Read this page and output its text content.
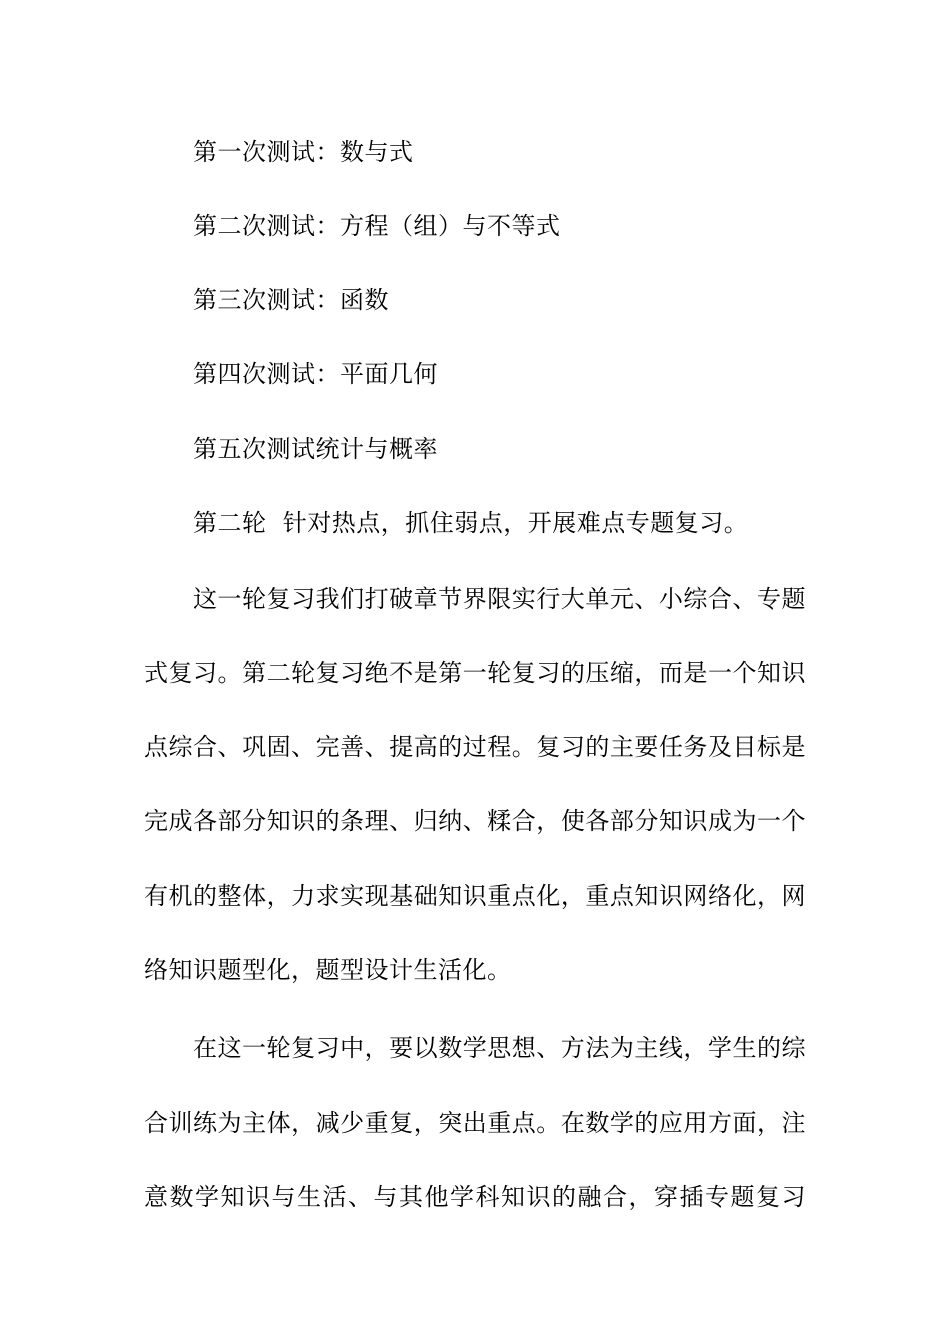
第一次测试：数与式
第二次测试：方程（组）与不等式
第三次测试：函数
第四次测试：平面几何
第五次测试统计与概率
第二轮  针对热点，抓住弱点，开展难点专题复习。
这一轮复习我们打破章节界限实行大单元、小综合、专题
式复习。第二轮复习绝不是第一轮复习的压缩，而是一个知识
点综合、巩固、完善、提高的过程。复习的主要任务及目标是
完成各部分知识的条理、归纳、糅合，使各部分知识成为一个
有机的整体，力求实现基础知识重点化，重点知识网络化，网
络知识题型化，题型设计生活化。
在这一轮复习中，要以数学思想、方法为主线，学生的综
合训练为主体，减少重复，突出重点。在数学的应用方面，注
意数学知识与生活、与其他学科知识的融合，穿插专题复习
